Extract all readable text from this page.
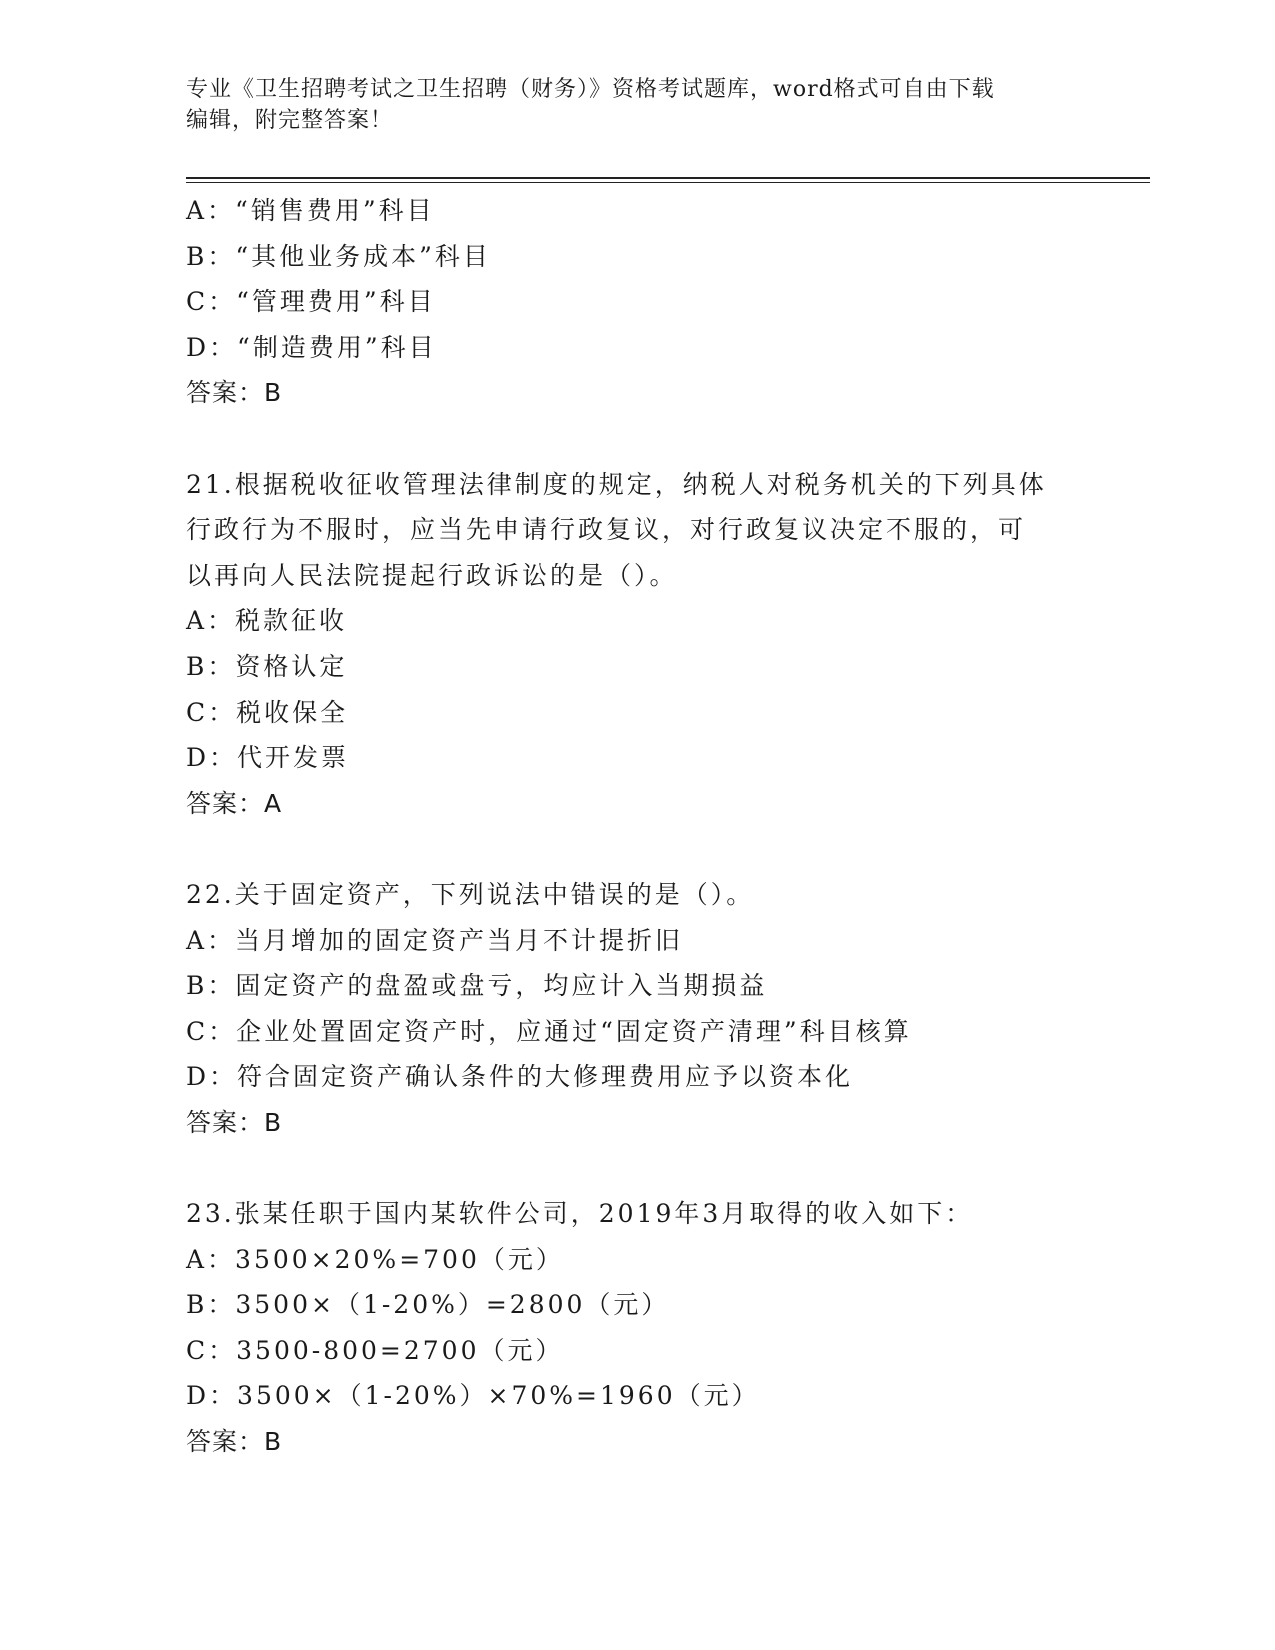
专业《卫生招聘考试之卫生招聘（财务）》资格考试题库，word格式可自由下载
编辑，附完整答案！
A：“销售费用”科目
B：“其他业务成本”科目
C：“管理费用”科目
D：“制造费用”科目
答案：B
21.根据税收征收管理法律制度的规定，纳税人对税务机关的下列具体
行政行为不服时，应当先申请行政复议，对行政复议决定不服的，可
以再向人民法院提起行政诉讼的是（）。
A：税款征收
B：资格认定
C：税收保全
D：代开发票
答案：A
22.关于固定资产，下列说法中错误的是（）。
A：当月增加的固定资产当月不计提折旧
B：固定资产的盘盈或盘亏，均应计入当期损益
C：企业处置固定资产时，应通过“固定资产清理”科目核算
D：符合固定资产确认条件的大修理费用应予以资本化
答案：B
23.张某任职于国内某软件公司，2019年3月取得的收入如下：
A：3500×20%=700（元）
B：3500×（1-20%）=2800（元）
C：3500-800=2700（元）
D：3500×（1-20%）×70%=1960（元）
答案：B
